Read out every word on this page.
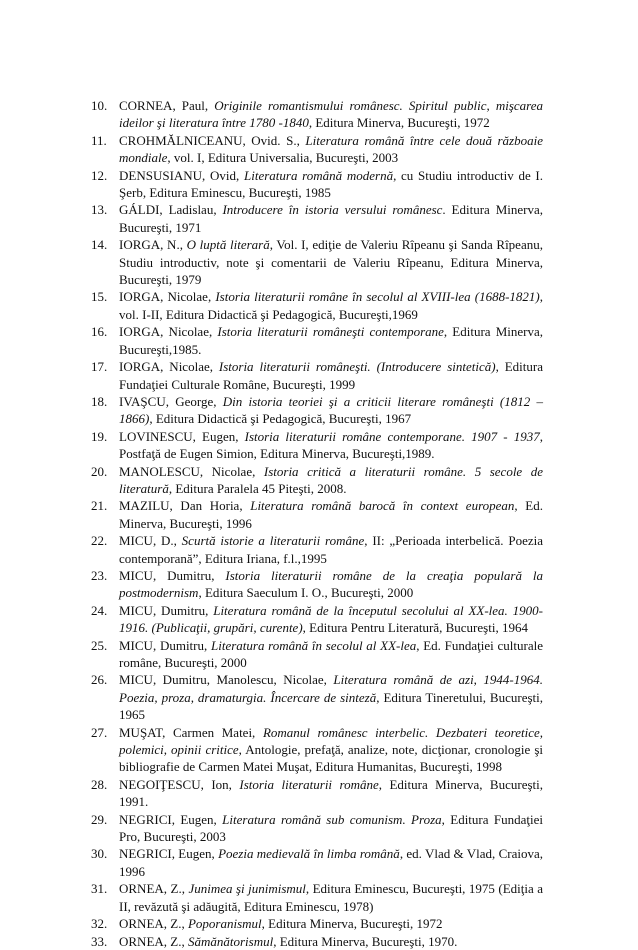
10. CORNEA, Paul, Originile romantismului românesc. Spiritul public, mişcarea ideilor şi literatura între 1780 -1840, Editura Minerva, Bucureşti, 1972
11. CROHMĂLNICEANU, Ovid. S., Literatura română între cele două războaie mondiale, vol. I, Editura Universalia, Bucureşti, 2003
12. DENSUSIANU, Ovid, Literatura română modernă, cu Studiu introductiv de I. Şerb, Editura Eminescu, Bucureşti, 1985
13. GÁLDI, Ladislau, Introducere în istoria versului românesc. Editura Minerva, Bucureşti, 1971
14. IORGA, N., O luptă literară, Vol. I, ediţie de Valeriu Rîpeanu şi Sanda Rîpeanu, Studiu introductiv, note şi comentarii de Valeriu Rîpeanu, Editura Minerva, Bucureşti, 1979
15. IORGA, Nicolae, Istoria literaturii române în secolul al XVIII-lea (1688-1821), vol. I-II, Editura Didactică şi Pedagogică, Bucureşti,1969
16. IORGA, Nicolae, Istoria literaturii româneşti contemporane, Editura Minerva, Bucureşti,1985.
17. IORGA, Nicolae, Istoria literaturii româneşti. (Introducere sintetică), Editura Fundaţiei Culturale Române, Bucureşti, 1999
18. IVAŞCU, George, Din istoria teoriei şi a criticii literare româneşti (1812 – 1866), Editura Didactică şi Pedagogică, Bucureşti, 1967
19. LOVINESCU, Eugen, Istoria literaturii române contemporane. 1907 - 1937, Postfaţă de Eugen Simion, Editura Minerva, Bucureşti,1989.
20. MANOLESCU, Nicolae, Istoria critică a literaturii române. 5 secole de literatură, Editura Paralela 45 Piteşti, 2008.
21. MAZILU, Dan Horia, Literatura română barocă în context european, Ed. Minerva, Bucureşti, 1996
22. MICU, D., Scurtă istorie a literaturii române, II: „Perioada interbelică. Poezia contemporană”, Editura Iriana, f.l.,1995
23. MICU, Dumitru, Istoria literaturii române de la creaţia populară la postmodernism, Editura Saeculum I. O., Bucureşti, 2000
24. MICU, Dumitru, Literatura română de la începutul secolului al XX-lea. 1900-1916. (Publicaţii, grupări, curente), Editura Pentru Literatură, Bucureşti, 1964
25. MICU, Dumitru, Literatura română în secolul al XX-lea, Ed. Fundaţiei culturale române, Bucureşti, 2000
26. MICU, Dumitru, Manolescu, Nicolae, Literatura română de azi, 1944-1964. Poezia, proza, dramaturgia. Încercare de sinteză, Editura Tineretului, Bucureşti, 1965
27. MUŞAT, Carmen Matei, Romanul românesc interbelic. Dezbateri teoretice, polemici, opinii critice, Antologie, prefaţă, analize, note, dicţionar, cronologie şi bibliografie de Carmen Matei Muşat, Editura Humanitas, Bucureşti, 1998
28. NEGOIŢESCU, Ion, Istoria literaturii române, Editura Minerva, Bucureşti, 1991.
29. NEGRICI, Eugen, Literatura română sub comunism. Proza, Editura Fundaţiei Pro, Bucureşti, 2003
30. NEGRICI, Eugen, Poezia medievală în limba română, ed. Vlad & Vlad, Craiova, 1996
31. ORNEA, Z., Junimea şi junimismul, Editura Eminescu, Bucureşti, 1975 (Ediţia a II, revăzută şi adăugită, Editura Eminescu, 1978)
32. ORNEA, Z., Poporanismul, Editura Minerva, Bucureşti, 1972
33. ORNEA, Z., Sămănătorismul, Editura Minerva, Bucureşti, 1970.
